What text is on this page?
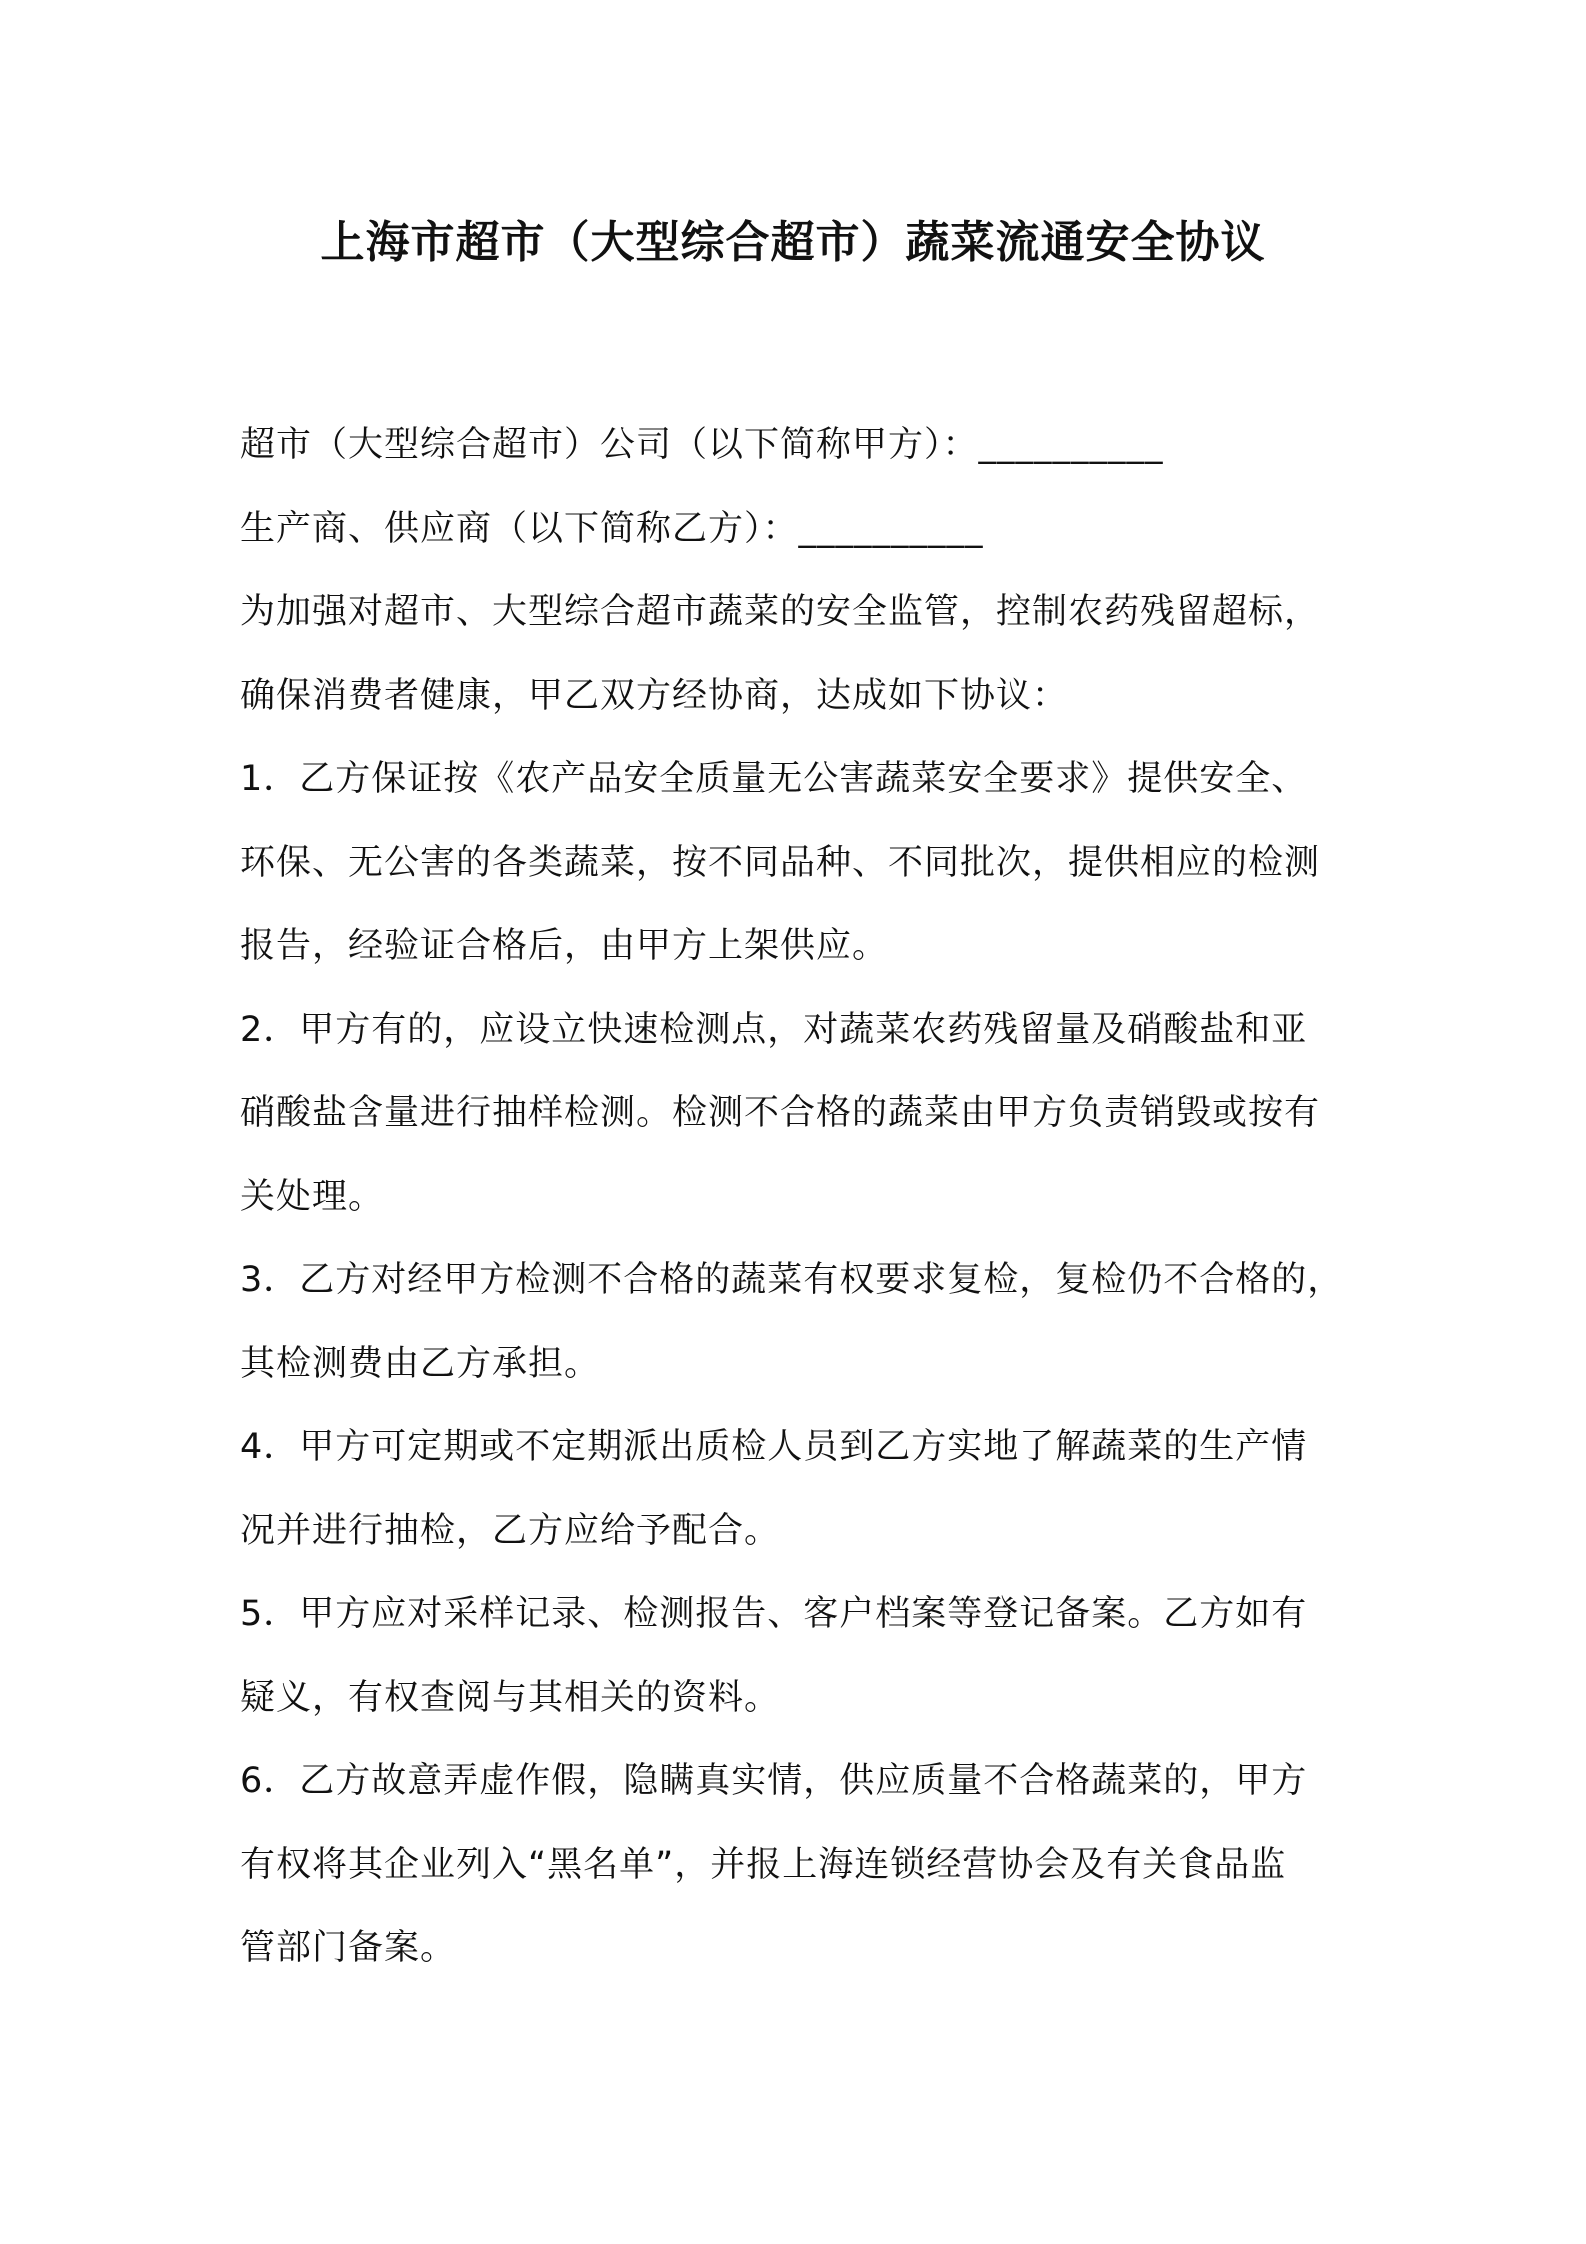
上海市超市（大型综合超市）蔬菜流通安全协议

超市（大型综合超市）公司（以下简称甲方）：__________

生产商、供应商（以下简称乙方）：__________

为加强对超市、大型综合超市蔬菜的安全监管，控制农药残留超标，

确保消费者健康，甲乙双方经协商，达成如下协议：

1．乙方保证按《农产品安全质量无公害蔬菜安全要求》提供安全、

环保、无公害的各类蔬菜，按不同品种、不同批次，提供相应的检测

报告，经验证合格后，由甲方上架供应。

2．甲方有的，应设立快速检测点，对蔬菜农药残留量及硝酸盐和亚

硝酸盐含量进行抽样检测。检测不合格的蔬菜由甲方负责销毁或按有

关处理。

3．乙方对经甲方检测不合格的蔬菜有权要求复检，复检仍不合格的，

其检测费由乙方承担。

4．甲方可定期或不定期派出质检人员到乙方实地了解蔬菜的生产情

况并进行抽检，乙方应给予配合。

5．甲方应对采样记录、检测报告、客户档案等登记备案。乙方如有

疑义，有权查阅与其相关的资料。

6．乙方故意弄虚作假，隐瞒真实情，供应质量不合格蔬菜的，甲方

有权将其企业列入“黑名单”，并报上海连锁经营协会及有关食品监

管部门备案。
